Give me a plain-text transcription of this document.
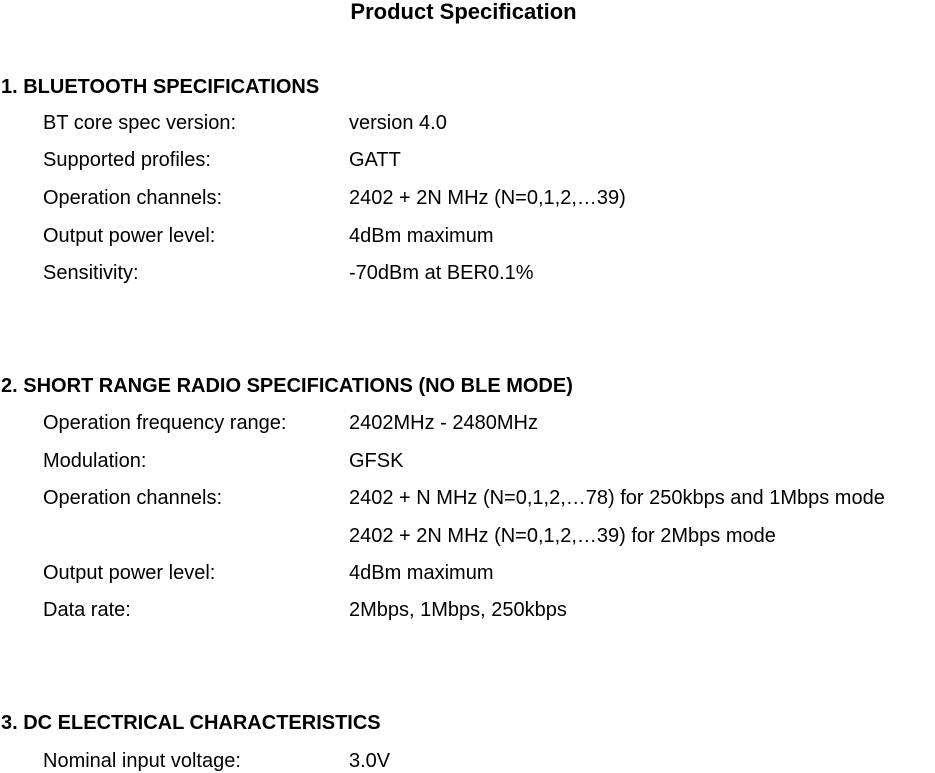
Product Specification
1. BLUETOOTH SPECIFICATIONS
BT core spec version:	version 4.0
Supported profiles:	GATT
Operation channels:	2402 + 2N MHz (N=0,1,2,…39)
Output power level:	4dBm maximum
Sensitivity:	-70dBm at BER0.1%
2. SHORT RANGE RADIO SPECIFICATIONS (NO BLE MODE)
Operation frequency range:	2402MHz - 2480MHz
Modulation:	GFSK
Operation channels:	2402 + N MHz (N=0,1,2,…78) for 250kbps and 1Mbps mode
2402 + 2N MHz (N=0,1,2,…39) for 2Mbps mode
Output power level:	4dBm maximum
Data rate:	2Mbps, 1Mbps, 250kbps
3. DC ELECTRICAL CHARACTERISTICS
Nominal input voltage:	3.0V
